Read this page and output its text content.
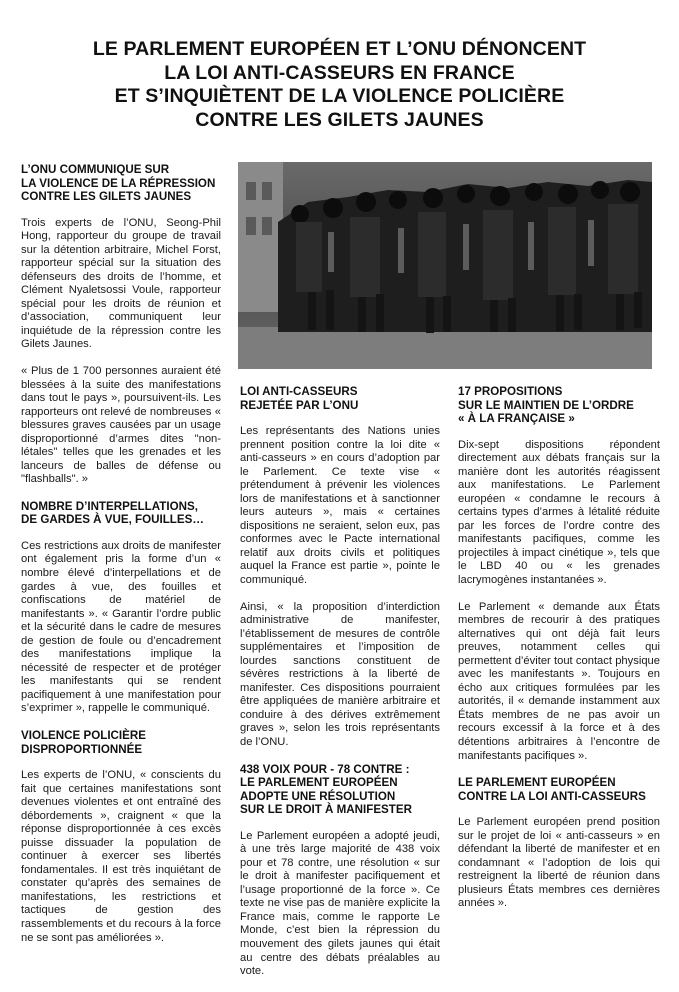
LE PARLEMENT EUROPÉEN ET L’ONU DÉNONCENT
LA LOI ANTI-CASSEURS EN FRANCE
ET S’INQUIÈTENT DE LA VIOLENCE POLICIÈRE
CONTRE LES GILETS JAUNES
L’ONU COMMUNIQUE SUR
LA VIOLENCE DE LA RÉPRESSION
CONTRE LES GILETS JAUNES

Trois experts de l’ONU, Seong-Phil Hong, rapporteur du groupe de travail sur la détention arbitraire, Michel Forst, rapporteur spécial sur la situation des défenseurs des droits de l’homme, et Clément Nyaletsossi Voule, rapporteur spécial pour les droits de réunion et d’association, communiquent leur inquiétude de la répression contre les Gilets Jaunes.

« Plus de 1 700 personnes auraient été blessées à la suite des manifestations dans tout le pays », poursuivent-ils. Les rapporteurs ont relevé de nombreuses « blessures graves causées par un usage disproportionné d’armes dites "non-létales" telles que les grenades et les lanceurs de balles de défense ou "flashballs". »

NOMBRE D’INTERPELLATIONS,
DE GARDES À VUE, FOUILLES…

Ces restrictions aux droits de manifester ont également pris la forme d’un « nombre élevé d’interpellations et de gardes à vue, des fouilles et confiscations de matériel de manifestants ». « Garantir l’ordre public et la sécurité dans le cadre de mesures de gestion de foule ou d’encadrement des manifestations implique la nécessité de respecter et de protéger les manifestants qui se rendent pacifiquement à une manifestation pour s’exprimer », rappelle le communiqué.

VIOLENCE POLICIÈRE
DISPROPORTIONNÉE

Les experts de l’ONU, « conscients du fait que certaines manifestations sont devenues violentes et ont entraîné des débordements », craignent « que la réponse disproportionnée à ces excès puisse dissuader la population de continuer à exercer ses libertés fondamentales. Il est très inquiétant de constater qu’après des semaines de manifestations, les restrictions et tactiques de gestion des rassemblements et du recours à la force ne se sont pas améliorées ».

LOI ANTI-CASSEURS
REJETÉE PAR L’ONU

Les représentants des Nations unies prennent position contre la loi dite « anti-casseurs » en cours d’adoption par le Parlement. Ce texte vise « prétendument à prévenir les violences lors de manifestations et à sanctionner leurs auteurs », mais « certaines dispositions ne seraient, selon eux, pas conformes avec le Pacte international relatif aux droits civils et politiques auquel la France est partie », pointe le communiqué.

Ainsi, « la proposition d’interdiction administrative de manifester, l’établissement de mesures de contrôle supplémentaires et l’imposition de lourdes sanctions constituent de sévères restrictions à la liberté de manifester. Ces dispositions pourraient être appliquées de manière arbitraire et conduire à des dérives extrêmement graves », selon les trois représentants de l’ONU.

438 VOIX POUR - 78 CONTRE :
LE PARLEMENT EUROPÉEN
ADOPTE UNE RÉSOLUTION
SUR LE DROIT À MANIFESTER

Le Parlement européen a adopté jeudi, à une très large majorité de 438 voix pour et 78 contre, une résolution « sur le droit à manifester pacifiquement et l’usage proportionné de la force ». Ce texte ne vise pas de manière explicite la France mais, comme le rapporte Le Monde, c’est bien la répression du mouvement des gilets jaunes qui était au centre des débats préalables au vote.

17 PROPOSITIONS
SUR LE MAINTIEN DE L’ORDRE
« À LA FRANÇAISE »

Dix-sept dispositions répondent directement aux débats français sur la manière dont les autorités réagissent aux manifestations. Le Parlement européen « condamne le recours à certains types d’armes à létalité réduite par les forces de l’ordre contre des manifestants pacifiques, comme les projectiles à impact cinétique », tels que le LBD 40 ou « les grenades lacrymogènes instantanées ».

Le Parlement « demande aux États membres de recourir à des pratiques alternatives qui ont déjà fait leurs preuves, notamment celles qui permettent d’éviter tout contact physique avec les manifestants ». Toujours en écho aux critiques formulées par les autorités, il « demande instamment aux États membres de ne pas avoir un recours excessif à la force et à des détentions arbitraires à l’encontre de manifestants pacifiques ».

LE PARLEMENT EUROPÉEN
CONTRE LA LOI ANTI-CASSEURS

Le Parlement européen prend position sur le projet de loi « anti-casseurs » en défendant la liberté de manifester et en condamnant « l’adoption de lois qui restreignent la liberté de réunion dans plusieurs États membres ces dernières années ».
